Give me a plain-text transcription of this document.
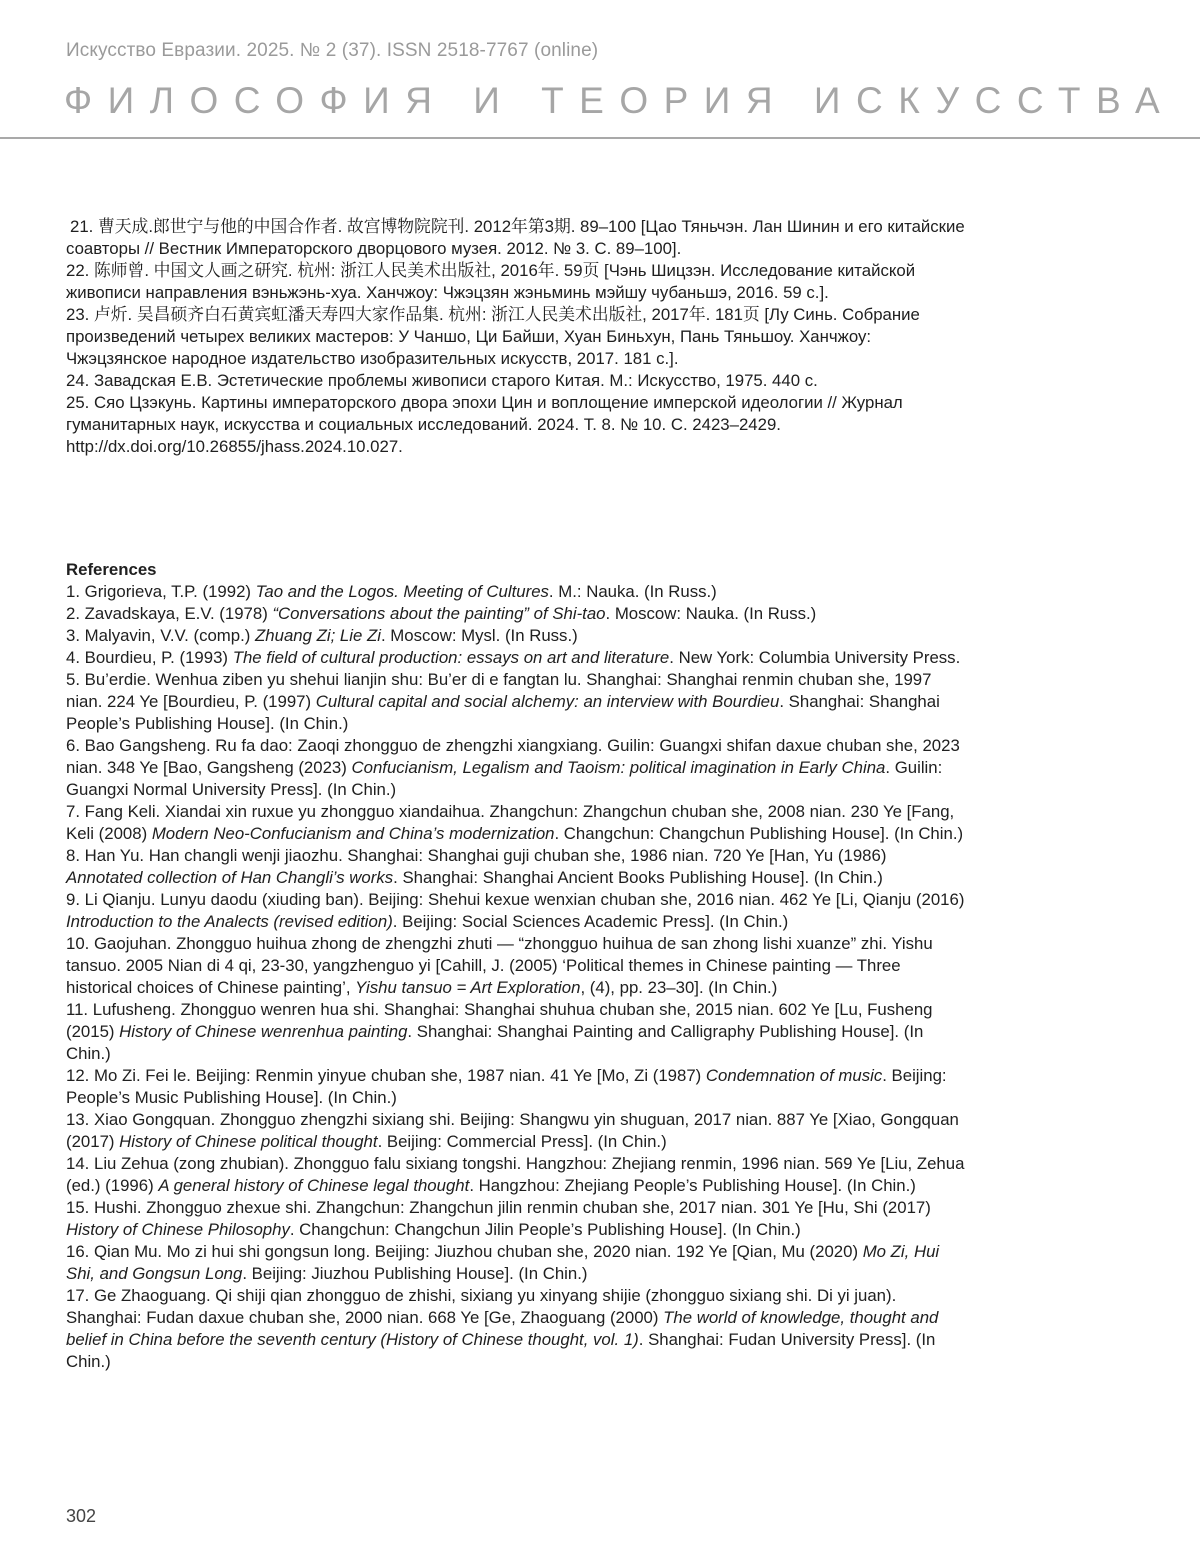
Искусство Евразии. 2025. № 2 (37). ISSN 2518-7767 (online)
ФИЛОСОФИЯ И ТЕОРИЯ ИСКУССТВА

21. 曹天成.郎世宁与他的中国合作者. 故宫博物院院刊. 2012年第3期. 89–100 [Цао Тяньчэн. Лан Шинин и его китайские соавторы // Вестник Императорского дворцового музея. 2012. № 3. С. 89–100].

22. 陈师曾. 中国文人画之研究. 杭州: 浙江人民美术出版社, 2016年. 59页 [Чэнь Шицзэн. Исследование китайской живописи направления вэньжэнь-хуа. Ханчжоу: Чжэцзян жэньминь мэйшу чубаньшэ, 2016. 59 с.].

23. 卢炘. 吴昌硕齐白石黄宾虹潘天寿四大家作品集. 杭州: 浙江人民美术出版社, 2017年. 181页 [Лу Синь. Собрание произведений четырех великих мастеров: У Чаншо, Ци Байши, Хуан Биньхун, Пань Тяньшоу. Ханчжоу: Чжэцзянское народное издательство изобразительных искусств, 2017. 181 с.].

24. Завадская Е.В. Эстетические проблемы живописи старого Китая. М.: Искусство, 1975. 440 с.

25. Сяо Цзэкунь. Картины императорского двора эпохи Цин и воплощение имперской идеологии // Журнал гуманитарных наук, искусства и социальных исследований. 2024. Т. 8. № 10. С. 2423–2429. http://dx.doi.org/10.26855/jhass.2024.10.027.

References

1. Grigorieva, T.P. (1992) Tao and the Logos. Meeting of Cultures. M.: Nauka. (In Russ.)

2. Zavadskaya, E.V. (1978) “Conversations about the painting” of Shi-tao. Moscow: Nauka. (In Russ.)

3. Malyavin, V.V. (comp.) Zhuang Zi; Lie Zi. Moscow: Mysl. (In Russ.)

4. Bourdieu, P. (1993) The field of cultural production: essays on art and literature. New York: Columbia University Press.

5. Bu’erdie. Wenhua ziben yu shehui lianjin shu: Bu’er di e fangtan lu. Shanghai: Shanghai renmin chuban she, 1997 nian. 224 Ye [Bourdieu, P. (1997) Cultural capital and social alchemy: an interview with Bourdieu. Shanghai: Shanghai People’s Publishing House]. (In Chin.)

6. Bao Gangsheng. Ru fa dao: Zaoqi zhongguo de zhengzhi xiangxiang. Guilin: Guangxi shifan daxue chuban she, 2023 nian. 348 Ye [Bao, Gangsheng (2023) Confucianism, Legalism and Taoism: political imagination in Early China. Guilin: Guangxi Normal University Press]. (In Chin.)

7. Fang Keli. Xiandai xin ruxue yu zhongguo xiandaihua. Zhangchun: Zhangchun chuban she, 2008 nian. 230 Ye [Fang, Keli (2008) Modern Neo-Confucianism and China’s modernization. Changchun: Changchun Publishing House]. (In Chin.)

8. Han Yu. Han changli wenji jiaozhu. Shanghai: Shanghai guji chuban she, 1986 nian. 720 Ye [Han, Yu (1986) Annotated collection of Han Changli’s works. Shanghai: Shanghai Ancient Books Publishing House]. (In Chin.)

9. Li Qianju. Lunyu daodu (xiuding ban). Beijing: Shehui kexue wenxian chuban she, 2016 nian. 462 Ye [Li, Qianju (2016) Introduction to the Analects (revised edition). Beijing: Social Sciences Academic Press]. (In Chin.)

10. Gaojuhan. Zhongguo huihua zhong de zhengzhi zhuti — “zhongguo huihua de san zhong lishi xuanze” zhi. Yishu tansuo. 2005 Nian di 4 qi, 23-30, yangzhenguo yi [Cahill, J. (2005) ‘Political themes in Chinese painting — Three historical choices of Chinese painting’, Yishu tansuo = Art Exploration, (4), pp. 23–30]. (In Chin.)

11. Lufusheng. Zhongguo wenren hua shi. Shanghai: Shanghai shuhua chuban she, 2015 nian. 602 Ye [Lu, Fusheng (2015) History of Chinese wenrenhua painting. Shanghai: Shanghai Painting and Calligraphy Publishing House]. (In Chin.)

12. Mo Zi. Fei le. Beijing: Renmin yinyue chuban she, 1987 nian. 41 Ye [Mo, Zi (1987) Condemnation of music. Beijing: People’s Music Publishing House]. (In Chin.)

13. Xiao Gongquan. Zhongguo zhengzhi sixiang shi. Beijing: Shangwu yin shuguan, 2017 nian. 887 Ye [Xiao, Gongquan (2017) History of Chinese political thought. Beijing: Commercial Press]. (In Chin.)

14. Liu Zehua (zong zhubian). Zhongguo falu sixiang tongshi. Hangzhou: Zhejiang renmin, 1996 nian. 569 Ye [Liu, Zehua (ed.) (1996) A general history of Chinese legal thought. Hangzhou: Zhejiang People’s Publishing House]. (In Chin.)

15. Hushi. Zhongguo zhexue shi. Zhangchun: Zhangchun jilin renmin chuban she, 2017 nian. 301 Ye [Hu, Shi (2017) History of Chinese Philosophy. Changchun: Changchun Jilin People’s Publishing House]. (In Chin.)

16. Qian Mu. Mo zi hui shi gongsun long. Beijing: Jiuzhou chuban she, 2020 nian. 192 Ye [Qian, Mu (2020) Mo Zi, Hui Shi, and Gongsun Long. Beijing: Jiuzhou Publishing House]. (In Chin.)

17. Ge Zhaoguang. Qi shiji qian zhongguo de zhishi, sixiang yu xinyang shijie (zhongguo sixiang shi. Di yi juan). Shanghai: Fudan daxue chuban she, 2000 nian. 668 Ye [Ge, Zhaoguang (2000) The world of knowledge, thought and belief in China before the seventh century (History of Chinese thought, vol. 1). Shanghai: Fudan University Press]. (In Chin.)

302
